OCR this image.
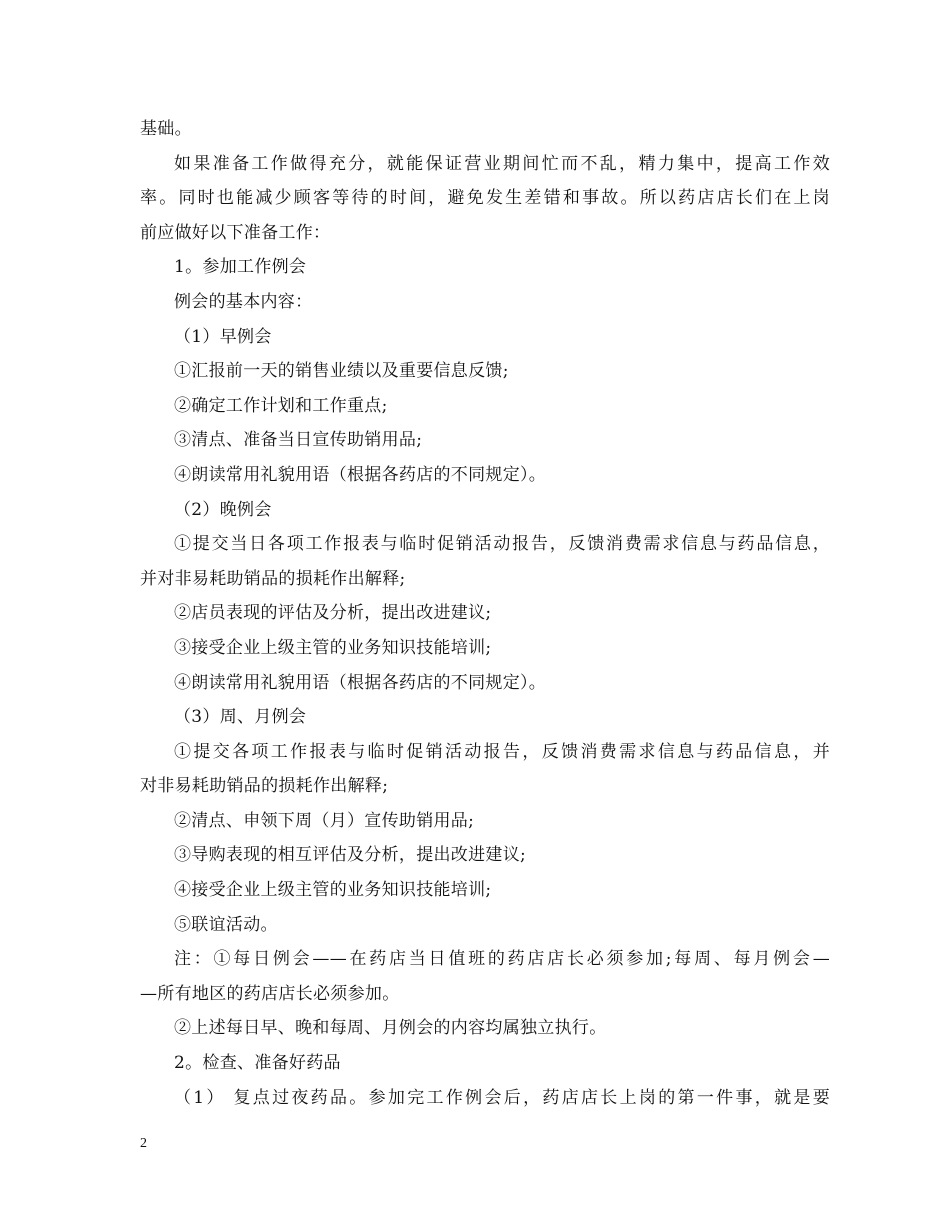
基础。
如果准备工作做得充分，就能保证营业期间忙而不乱，精力集中，提高工作效
率。同时也能减少顾客等待的时间，避免发生差错和事故。所以药店店长们在上岗
前应做好以下准备工作：
1。参加工作例会
例会的基本内容：
（1）早例会
①汇报前一天的销售业绩以及重要信息反馈;
②确定工作计划和工作重点;
③清点、准备当日宣传助销用品;
④朗读常用礼貌用语（根据各药店的不同规定）。
（2）晚例会
①提交当日各项工作报表与临时促销活动报告，反馈消费需求信息与药品信息，
并对非易耗助销品的损耗作出解释;
②店员表现的评估及分析，提出改进建议;
③接受企业上级主管的业务知识技能培训;
④朗读常用礼貌用语（根据各药店的不同规定）。
（3）周、月例会
①提交各项工作报表与临时促销活动报告，反馈消费需求信息与药品信息，并
对非易耗助销品的损耗作出解释;
②清点、申领下周（月）宣传助销用品;
③导购表现的相互评估及分析，提出改进建议;
④接受企业上级主管的业务知识技能培训;
⑤联谊活动。
注：①每日例会——在药店当日值班的药店店长必须参加;每周、每月例会—
—所有地区的药店店长必须参加。
②上述每日早、晚和每周、月例会的内容均属独立执行。
2。检查、准备好药品
（1） 复点过夜药品。参加完工作例会后，药店店长上岗的第一件事，就是要
2
